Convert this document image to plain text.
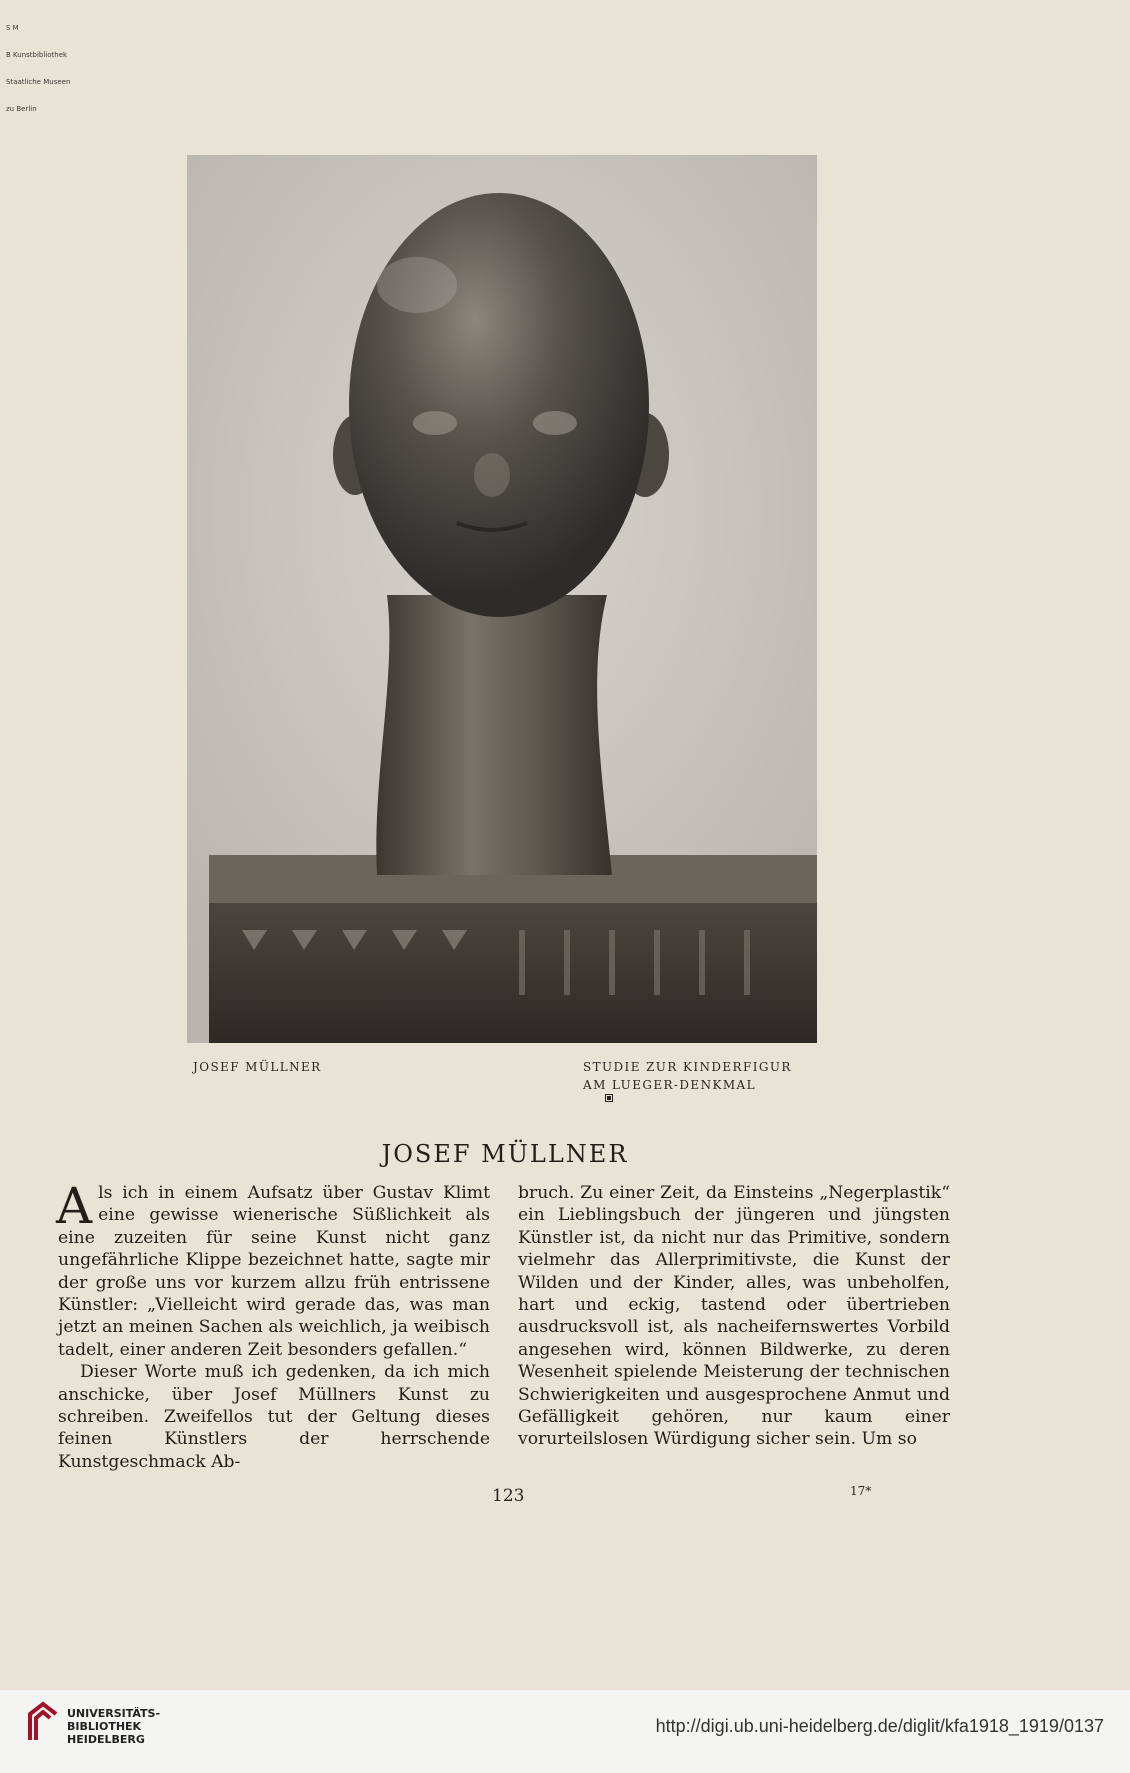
S M

B Kunstbibliothek

Staatliche Museen

zu Berlin

JOSEF MÜLLNER	STUDIE ZUR KINDERFIGUR
AM LUEGER-DENKMAL
JOSEF MÜLLNER

Als ich in einem Aufsatz über Gustav Klimt eine gewisse wienerische Süßlichkeit als eine zuzeiten für seine Kunst nicht ganz ungefährliche Klippe bezeichnet hatte, sagte mir der große uns vor kurzem allzu früh entrissene Künstler: „Vielleicht wird gerade das, was man jetzt an meinen Sachen als weichlich, ja weibisch tadelt, einer anderen Zeit besonders gefallen.“

Dieser Worte muß ich gedenken, da ich mich anschicke, über Josef Müllners Kunst zu schreiben. Zweifellos tut der Geltung dieses feinen Künstlers der herrschende Kunstgeschmack Ab-

bruch. Zu einer Zeit, da Einsteins „Negerplastik“ ein Lieblingsbuch der jüngeren und jüngsten Künstler ist, da nicht nur das Primitive, sondern vielmehr das Allerprimitivste, die Kunst der Wilden und der Kinder, alles, was unbeholfen, hart und eckig, tastend oder übertrieben ausdrucksvoll ist, als nacheifernswertes Vorbild angesehen wird, können Bildwerke, zu deren Wesenheit spielende Meisterung der technischen Schwierigkeiten und ausgesprochene Anmut und Gefälligkeit gehören, nur kaum einer vorurteilslosen Würdigung sicher sein. Um so

123	17*
UNIVERSITÄTS-
BIBLIOTHEK
HEIDELBERG
http://digi.ub.uni-heidelberg.de/diglit/kfa1918_1919/0137
